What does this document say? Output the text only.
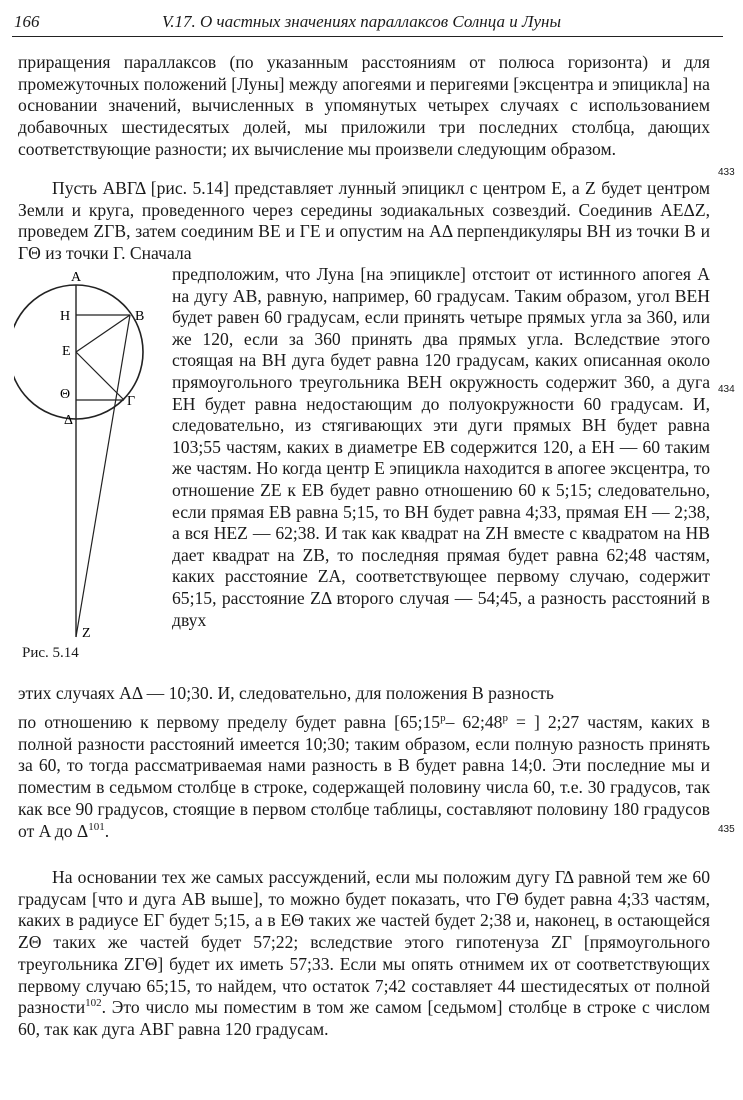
166	V.17. О частных значениях параллаксов Солнца и Луны

приращения параллаксов (по указанным расстояниям от полюса горизонта) и для промежуточных положений [Луны] между апогеями и перигеями [эксцентра и эпицикла] на основании значений, вычисленных в упомянутых четырех случаях с использованием добавочных шестидесятых долей, мы приложили три последних столбца, дающих соответствующие разности; их вычисление мы произвели следующим образом.

Пусть ΑΒΓΔ [рис. 5.14] представляет лунный эпицикл с центром Ε, а Ζ будет центром Земли и круга, проведенного через середины зодиакальных созвездий. Соединив ΑΕΔΖ, проведем ΖΓΒ, затем соединим ΒΕ и ΓΕ и опустим на ΑΔ перпендикуляры ΒΗ из точки Β и ΓΘ из точки Γ. Сначала

предположим, что Луна [на эпицикле] отстоит от истинного апогея Α на дугу ΑΒ, равную, например, 60 градусам. Таким образом, угол ΒΕΗ будет равен 60 градусам, если принять четыре прямых угла за 360, или же 120, если за 360 принять два прямых угла. Вследствие этого стоящая на ΒΗ дуга будет равна 120 градусам, каких описанная около прямоугольного треугольника ΒΕΗ окружность содержит 360, а дуга ΕΗ будет равна недостающим до полуокружности 60 градусам. И, следовательно, из стягивающих эти дуги прямых ΒΗ будет равна 103;55 частям, каких в диаметре ΕΒ содержится 120, а ΕΗ — 60 таким же частям. Но когда центр Ε эпицикла находится в апогее эксцентра, то отношение ΖΕ к ΕΒ будет равно отношению 60 к 5;15; следовательно, если прямая ΕΒ равна 5;15, то ΒΗ будет равна 4;33, прямая ΕΗ — 2;38, а вся ΗΕΖ — 62;38. И так как квадрат на ΖΗ вместе с квадратом на ΗΒ дает квадрат на ΖΒ, то последняя прямая будет равна 62;48 частям, каких расстояние ΖΑ, соответствующее первому случаю, содержит 65;15, расстояние ΖΔ второго случая — 54;45, а разность расстояний в двух

этих случаях ΑΔ — 10;30. И, следовательно, для положения Β разность

по отношению к первому пределу будет равна [65;15$^p$– $62;48^p$ = ] 2;27 частям, каких в полной разности расстояний имеется 10;30; таким образом, если полную разность принять за 60, то тогда рассматриваемая нами разность в Β будет равна 14;0. Эти последние мы и поместим в седьмом столбце в строке, содержащей половину числа 60, т.е. 30 градусов, так как все 90 градусов, стоящие в первом столбце таблицы, составляют половину 180 градусов от Α до $\Delta^{101}$.

На основании тех же самых рассуждений, если мы положим дугу ΓΔ равной тем же 60 градусам [что и дуга ΑΒ выше], то можно будет показать, что ΓΘ будет равна 4;33 частям, каких в радиусе ΕΓ будет 5;15, а в ΕΘ таких же частей будет 2;38 и, наконец, в остающейся ΖΘ таких же частей будет 57;22; вследствие этого гипотенуза ΖΓ [прямоугольного треугольника ΖΓΘ] будет их иметь 57;33. Если мы опять отнимем их от соответствующих первому случаю 65;15, то найдем, что остаток 7;42 составляет 44 шестидесятых от полной разности$^{102}$. Это число мы поместим в том же самом [седьмом] столбце в строке с числом 60, так как дуга ΑΒΓ равна 120 градусам.

433
434
435
Α
Η	Β
Ε
Θ	Γ
Δ
Ζ
Рис. 5.14
